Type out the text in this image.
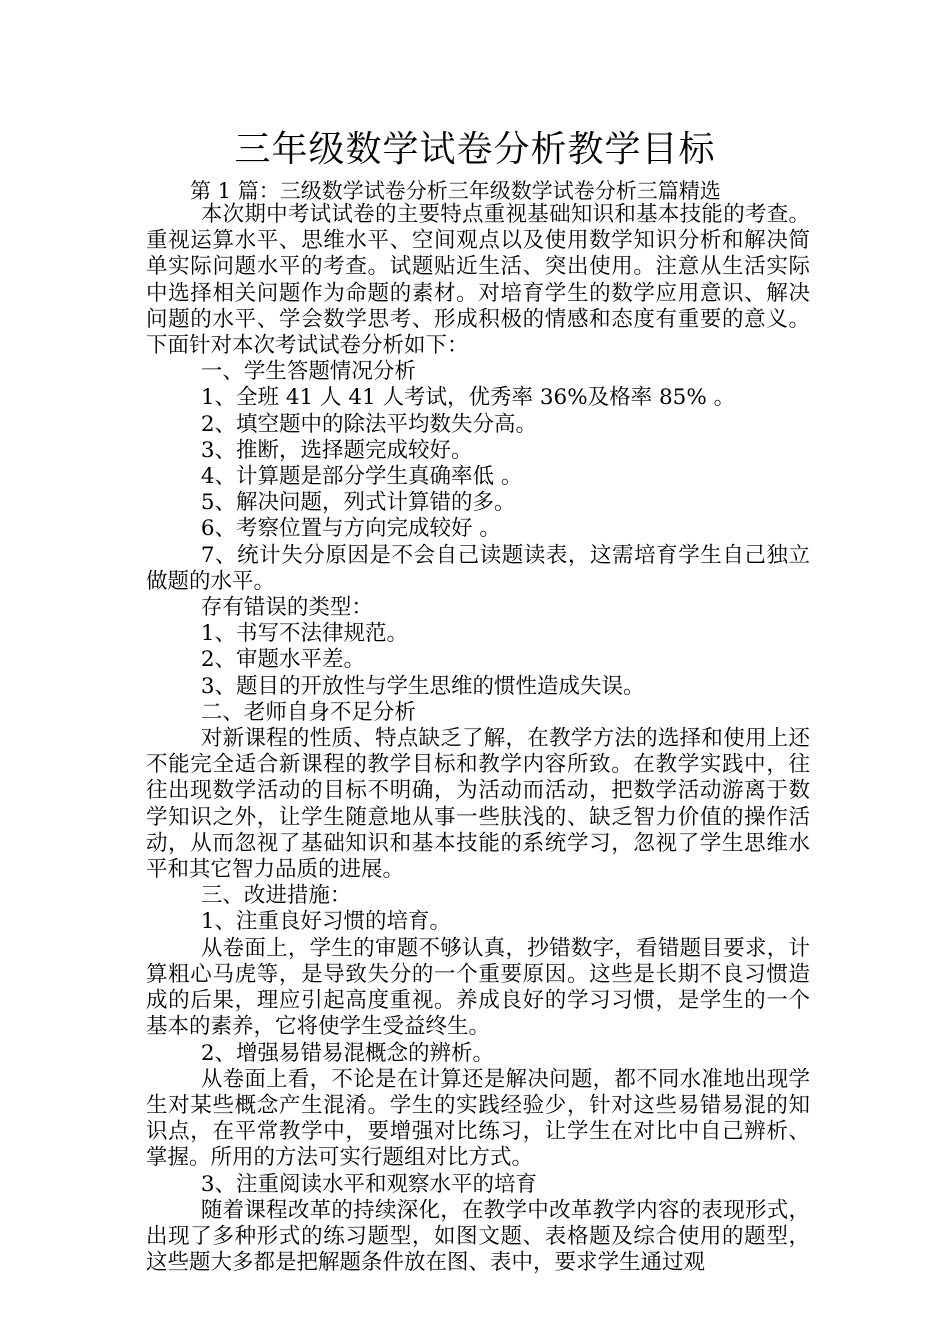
三年级数学试卷分析教学目标
第 1 篇：三级数学试卷分析三年级数学试卷分析三篇精选

本次期中考试试卷的主要特点重视基础知识和基本技能的考查。重视运算水平、思维水平、空间观点以及使用数学知识分析和解决简单实际问题水平的考查。试题贴近生活、突出使用。注意从生活实际中选择相关问题作为命题的素材。对培育学生的数学应用意识、解决问题的水平、学会数学思考、形成积极的情感和态度有重要的意义。下面针对本次考试试卷分析如下：

一、学生答题情况分析

1、全班 41 人 41 人考试，优秀率 36%及格率 85% 。

2、填空题中的除法平均数失分高。

3、推断，选择题完成较好。

4、计算题是部分学生真确率低 。

5、解决问题，列式计算错的多。

6、考察位置与方向完成较好 。

7、统计失分原因是不会自己读题读表，这需培育学生自己独立做题的水平。

存有错误的类型：

1、书写不法律规范。

2、审题水平差。

3、题目的开放性与学生思维的惯性造成失误。

二、老师自身不足分析

对新课程的性质、特点缺乏了解，在教学方法的选择和使用上还不能完全适合新课程的教学目标和教学内容所致。在教学实践中，往往出现数学活动的目标不明确，为活动而活动，把数学活动游离于数学知识之外，让学生随意地从事一些肤浅的、缺乏智力价值的操作活动，从而忽视了基础知识和基本技能的系统学习，忽视了学生思维水平和其它智力品质的进展。

三、改进措施：

1、注重良好习惯的培育。

从卷面上，学生的审题不够认真，抄错数字，看错题目要求，计算粗心马虎等，是导致失分的一个重要原因。这些是长期不良习惯造成的后果，理应引起高度重视。养成良好的学习习惯，是学生的一个基本的素养，它将使学生受益终生。

2、增强易错易混概念的辨析。

从卷面上看，不论是在计算还是解决问题，都不同水准地出现学生对某些概念产生混淆。学生的实践经验少，针对这些易错易混的知识点，在平常教学中，要增强对比练习，让学生在对比中自己辨析、掌握。所用的方法可实行题组对比方式。

3、注重阅读水平和观察水平的培育

随着课程改革的持续深化，在教学中改革教学内容的表现形式，出现了多种形式的练习题型，如图文题、表格题及综合使用的题型，这些题大多都是把解题条件放在图、表中，要求学生通过观
